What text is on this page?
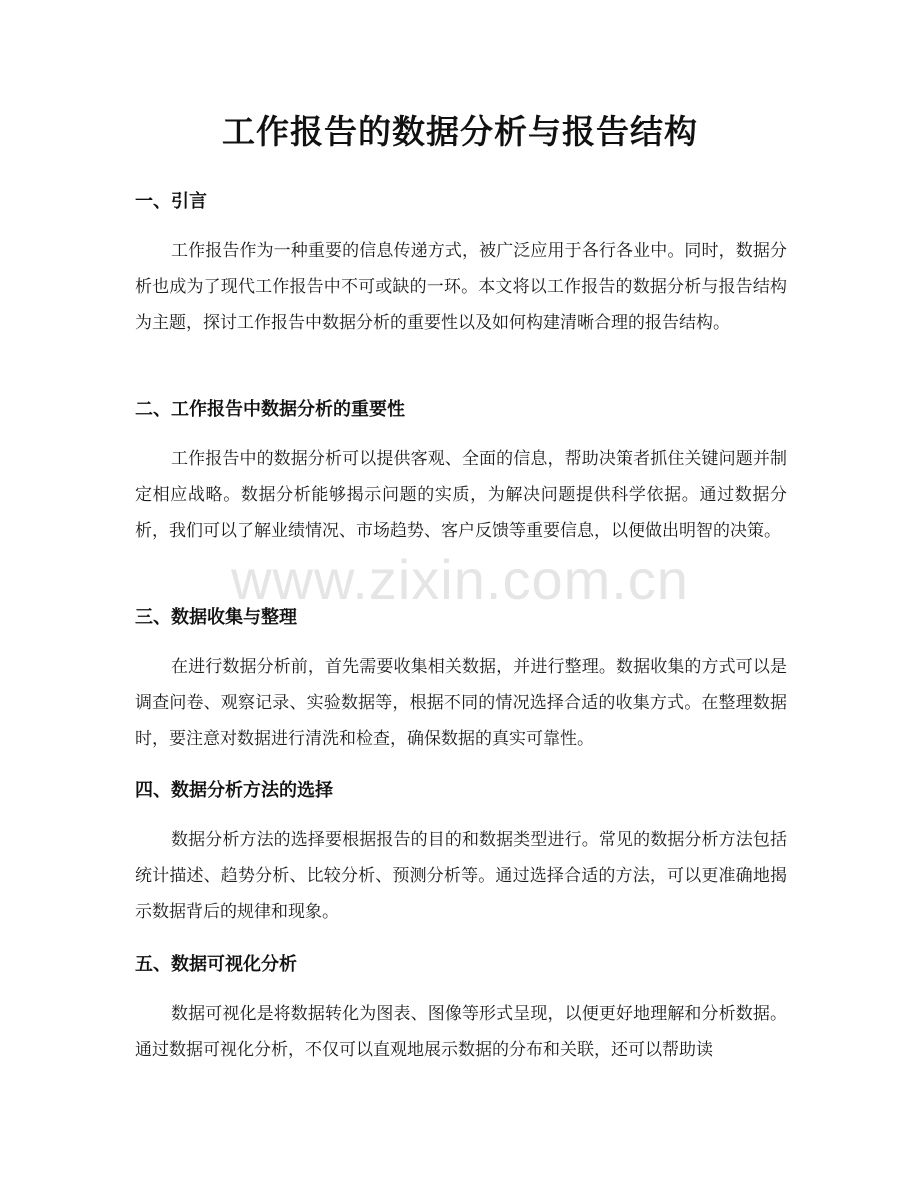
工作报告的数据分析与报告结构
一、引言

工作报告作为一种重要的信息传递方式，被广泛应用于各行各业中。同时，数据分析也成为了现代工作报告中不可或缺的一环。本文将以工作报告的数据分析与报告结构为主题，探讨工作报告中数据分析的重要性以及如何构建清晰合理的报告结构。

二、工作报告中数据分析的重要性

工作报告中的数据分析可以提供客观、全面的信息，帮助决策者抓住关键问题并制定相应战略。数据分析能够揭示问题的实质，为解决问题提供科学依据。通过数据分析，我们可以了解业绩情况、市场趋势、客户反馈等重要信息，以便做出明智的决策。

三、数据收集与整理

在进行数据分析前，首先需要收集相关数据，并进行整理。数据收集的方式可以是调查问卷、观察记录、实验数据等，根据不同的情况选择合适的收集方式。在整理数据时，要注意对数据进行清洗和检查，确保数据的真实可靠性。

四、数据分析方法的选择

数据分析方法的选择要根据报告的目的和数据类型进行。常见的数据分析方法包括统计描述、趋势分析、比较分析、预测分析等。通过选择合适的方法，可以更准确地揭示数据背后的规律和现象。

五、数据可视化分析

数据可视化是将数据转化为图表、图像等形式呈现，以便更好地理解和分析数据。通过数据可视化分析，不仅可以直观地展示数据的分布和关联，还可以帮助读

www.zixin.com.cn
